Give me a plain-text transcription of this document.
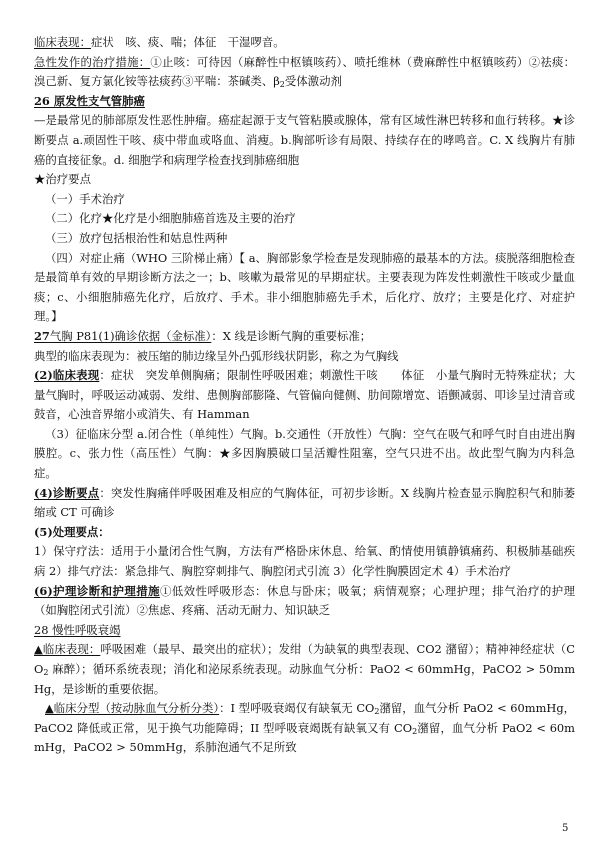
临床表现：症状　咳、痰、喘；体征　干湿啰音。

急性发作的治疗措施：①止咳：可待因（麻醉性中枢镇咳药）、喷托维林（费麻醉性中枢镇咳药）②祛痰：溴己新、复方氯化铵等祛痰药③平喘：茶碱类、$\beta_2$受体激动剂

26 原发性支气管肺癌

—是最常见的肺部原发性恶性肿瘤。癌症起源于支气管粘膜或腺体，常有区域性淋巴转移和血行转移。★诊断要点 a.顽固性干咳、痰中带血或咯血、消瘦。b.胸部听诊有局限、持续存在的哮鸣音。C. X 线胸片有肺癌的直接征象。d. 细胞学和病理学检查找到肺癌细胞

★治疗要点

（一）手术治疗

（二）化疗★化疗是小细胞肺癌首选及主要的治疗

（三）放疗包括根治性和姑息性两种

（四）对症止痛（WHO 三阶梯止痛）【 a、胸部影象学检查是发现肺癌的最基本的方法。痰脱落细胞检查是最简单有效的早期诊断方法之一；b、咳嗽为最常见的早期症状。主要表现为阵发性刺激性干咳或少量血痰；c、小细胞肺癌先化疗，后放疗、手术。非小细胞肺癌先手术，后化疗、放疗；主要是化疗、对症护理。】

27气胸 P81(1)确诊依据（金标准）：X 线是诊断气胸的重要标准；

典型的临床表现为：被压缩的肺边缘呈外凸弧形线状阴影，称之为气胸线

(2)临床表现：症状　突发单侧胸痛；限制性呼吸困难；刺激性干咳　　体征　小量气胸时无特殊症状；大量气胸时，呼吸运动减弱、发绀、患侧胸部膨隆、气管偏向健侧、肋间隙增宽、语颤减弱、叩诊呈过清音或鼓音，心浊音界缩小或消失、有 Hamman

（3）征临床分型 a.闭合性（单纯性）气胸。b.交通性（开放性）气胸：空气在吸气和呼气时自由进出胸膜腔。c、张力性（高压性）气胸：★多因胸膜破口呈活瓣性阻塞，空气只进不出。故此型气胸为内科急症。

(4)诊断要点：突发性胸痛伴呼吸困难及相应的气胸体征，可初步诊断。X 线胸片检查显示胸腔积气和肺萎缩或 CT 可确诊

(5)处理要点：

1）保守疗法：适用于小量闭合性气胸，方法有严格卧床休息、给氧、酌情使用镇静镇痛药、积极肺基础疾病 2）排气疗法：紧急排气、胸腔穿刺排气、胸腔闭式引流 3）化学性胸膜固定术 4）手术治疗

(6)护理诊断和护理措施①低效性呼吸形态：休息与卧床；吸氧；病情观察；心理护理；排气治疗的护理（如胸腔闭式引流）②焦虑、疼痛、活动无耐力、知识缺乏

28 慢性呼吸衰竭

▲临床表现：呼吸困难（最早、最突出的症状）；发绀（为缺氧的典型表现、CO2 潴留）；精神神经症状（$CO_2$ 麻醉）；循环系统表现；消化和泌尿系统表现。动脉血气分析：PaO2 < 60mmHg，PaCO2 > 50mmHg，是诊断的重要依据。

▲临床分型（按动脉血气分析分类）：I 型呼吸衰竭仅有缺氧无 $CO_2$潴留，血气分析 PaO2 < 60mmHg，PaCO2 降低或正常，见于换气功能障碍；II 型呼吸衰竭既有缺氧又有 $CO_2$潴留，血气分析 PaO2 < 60mmHg，PaCO2 > 50mmHg，系肺泡通气不足所致

5
